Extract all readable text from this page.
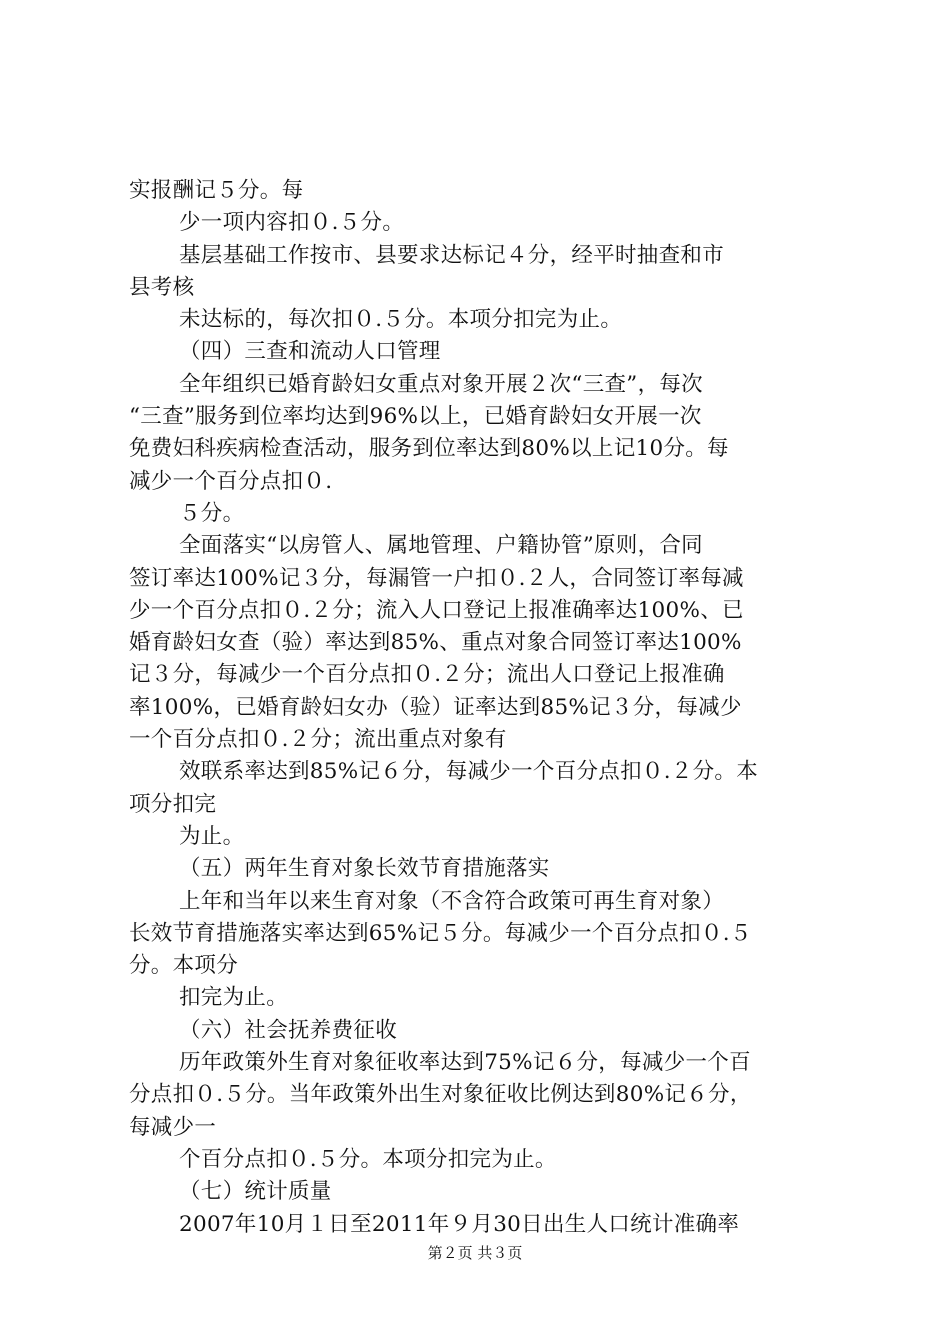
实报酬记５分。每
少一项内容扣０.５分。
基层基础工作按市、县要求达标记４分，经平时抽查和市
县考核
未达标的，每次扣０.５分。本项分扣完为止。
（四）三查和流动人口管理
全年组织已婚育龄妇女重点对象开展２次“三查”，每次
“三查”服务到位率均达到96%以上，已婚育龄妇女开展一次
免费妇科疾病检查活动，服务到位率达到80%以上记10分。每
减少一个百分点扣０.
５分。
全面落实“以房管人、属地管理、户籍协管”原则，合同
签订率达100%记３分，每漏管一户扣０.２人，合同签订率每减
少一个百分点扣０.２分；流入人口登记上报准确率达100%、已
婚育龄妇女查（验）率达到85%、重点对象合同签订率达100%
记３分，每减少一个百分点扣０.２分；流出人口登记上报准确
率100%，已婚育龄妇女办（验）证率达到85%记３分，每减少
一个百分点扣０.２分；流出重点对象有
效联系率达到85%记６分，每减少一个百分点扣０.２分。本
项分扣完
为止。
（五）两年生育对象长效节育措施落实
上年和当年以来生育对象（不含符合政策可再生育对象）
长效节育措施落实率达到65%记５分。每减少一个百分点扣０.５
分。本项分
扣完为止。
（六）社会抚养费征收
历年政策外生育对象征收率达到75%记６分，每减少一个百
分点扣０.５分。当年政策外出生对象征收比例达到80%记６分，
每减少一
个百分点扣０.５分。本项分扣完为止。
（七）统计质量
2007年10月１日至2011年９月30日出生人口统计准确率
第２页 共３页
